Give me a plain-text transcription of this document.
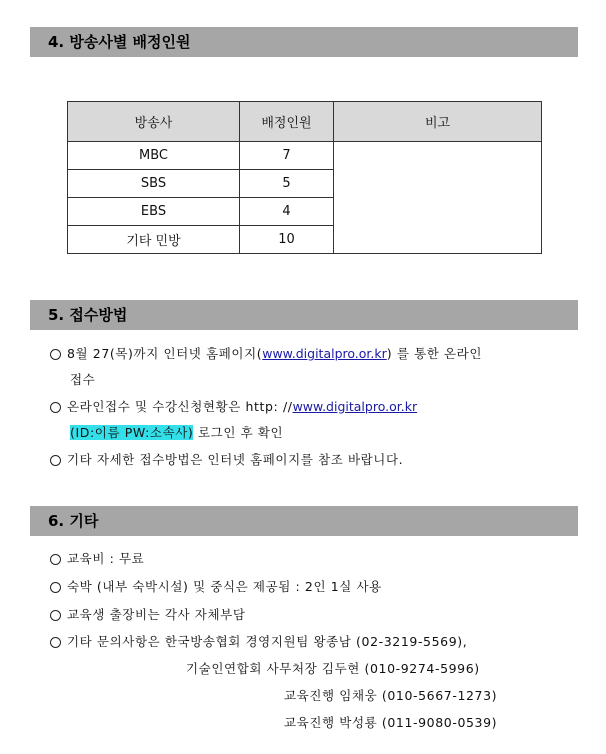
4. 방송사별 배정인원
방송사	배정인원	비고
MBC	7	
SBS	5	
EBS	4	
기타 민방	10	
5. 접수방법
8월 27(목)까지 인터넷 홈페이지(www.digitalpro.or.kr) 를 통한 온라인
접수
온라인접수 및 수강신청현황은 http: //www.digitalpro.or.kr
(ID:이름 PW:소속사) 로그인 후 확인
기타 자세한 접수방법은 인터넷 홈페이지를 참조 바랍니다.
6. 기타
교육비 : 무료
숙박 (내부 숙박시설) 및 중식은 제공됨 : 2인 1실 사용
교육생 출장비는 각사 자체부담
기타 문의사항은 한국방송협회 경영지원팀 왕종남 (02-3219-5569),
기술인연합회 사무처장 김두현 (010-9274-5996)
교육진행 임채웅 (010-5667-1273)
교육진행 박성룡 (011-9080-0539)
